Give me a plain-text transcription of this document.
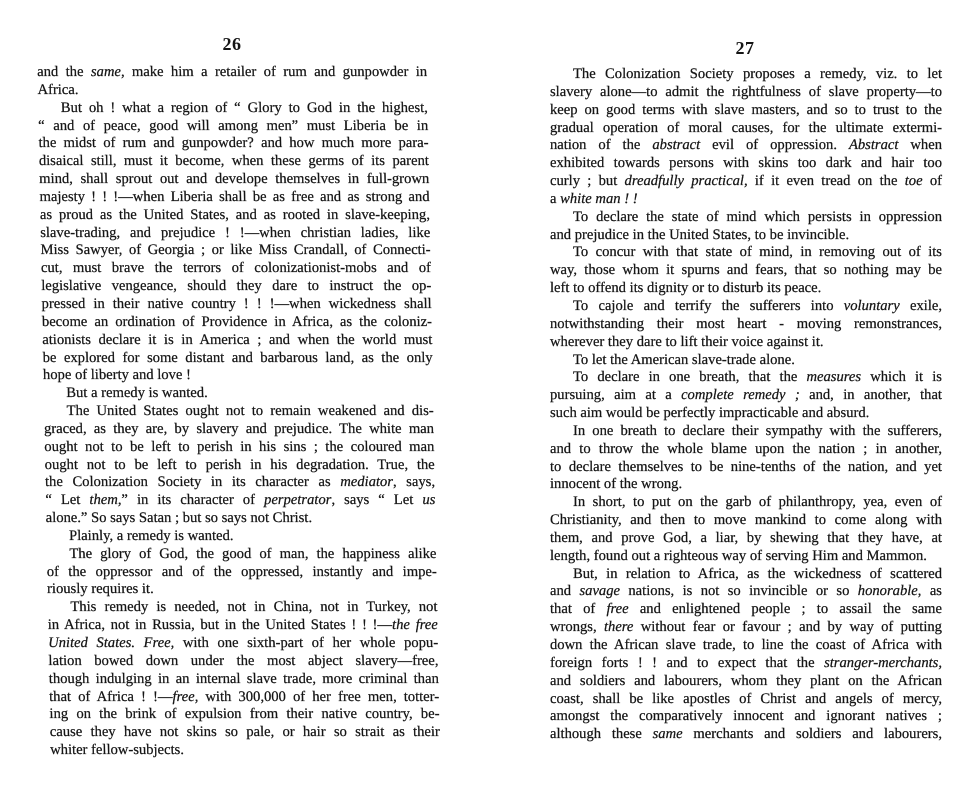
26
and the same, make him a retailer of rum and gunpowder in
Africa.
But oh ! what a region of “ Glory to God in the highest,
“ and of peace, good will among men” must Liberia be in
the midst of rum and gunpowder? and how much more para-
disaical still, must it become, when these germs of its parent
mind, shall sprout out and develope themselves in full-grown
majesty ! ! !—when Liberia shall be as free and as strong and
as proud as the United States, and as rooted in slave-keeping,
slave-trading, and prejudice ! !—when christian ladies, like
Miss Sawyer, of Georgia ; or like Miss Crandall, of Connecti-
cut, must brave the terrors of colonizationist-mobs and of
legislative vengeance, should they dare to instruct the op-
pressed in their native country ! ! !—when wickedness shall
become an ordination of Providence in Africa, as the coloniz-
ationists declare it is in America ; and when the world must
be explored for some distant and barbarous land, as the only
hope of liberty and love !
But a remedy is wanted.
The United States ought not to remain weakened and dis-
graced, as they are, by slavery and prejudice. The white man
ought not to be left to perish in his sins ; the coloured man
ought not to be left to perish in his degradation. True, the
the Colonization Society in its character as mediator, says,
“ Let them,” in its character of perpetrator, says “ Let us
alone.” So says Satan ; but so says not Christ.
Plainly, a remedy is wanted.
The glory of God, the good of man, the happiness alike
of the oppressor and of the oppressed, instantly and impe-
riously requires it.
This remedy is needed, not in China, not in Turkey, not
in Africa, not in Russia, but in the United States ! ! !—the free
United States. Free, with one sixth-part of her whole popu-
lation bowed down under the most abject slavery—free,
though indulging in an internal slave trade, more criminal than
that of Africa ! !—free, with 300,000 of her free men, totter-
ing on the brink of expulsion from their native country, be-
cause they have not skins so pale, or hair so strait as their
whiter fellow-subjects.
27
The Colonization Society proposes a remedy, viz. to let
slavery alone—to admit the rightfulness of slave property—to
keep on good terms with slave masters, and so to trust to the
gradual operation of moral causes, for the ultimate extermi-
nation of the abstract evil of oppression. Abstract when
exhibited towards persons with skins too dark and hair too
curly ; but dreadfully practical, if it even tread on the toe of
a white man ! !
To declare the state of mind which persists in oppression
and prejudice in the United States, to be invincible.
To concur with that state of mind, in removing out of its
way, those whom it spurns and fears, that so nothing may be
left to offend its dignity or to disturb its peace.
To cajole and terrify the sufferers into voluntary exile,
notwithstanding their most heart - moving remonstrances,
wherever they dare to lift their voice against it.
To let the American slave-trade alone.
To declare in one breath, that the measures which it is
pursuing, aim at a complete remedy ; and, in another, that
such aim would be perfectly impracticable and absurd.
In one breath to declare their sympathy with the sufferers,
and to throw the whole blame upon the nation ; in another,
to declare themselves to be nine-tenths of the nation, and yet
innocent of the wrong.
In short, to put on the garb of philanthropy, yea, even of
Christianity, and then to move mankind to come along with
them, and prove God, a liar, by shewing that they have, at
length, found out a righteous way of serving Him and Mammon.
But, in relation to Africa, as the wickedness of scattered
and savage nations, is not so invincible or so honorable, as
that of free and enlightened people ; to assail the same
wrongs, there without fear or favour ; and by way of putting
down the African slave trade, to line the coast of Africa with
foreign forts ! ! and to expect that the stranger-merchants,
and soldiers and labourers, whom they plant on the African
coast, shall be like apostles of Christ and angels of mercy,
amongst the comparatively innocent and ignorant natives ;
although these same merchants and soldiers and labourers,
